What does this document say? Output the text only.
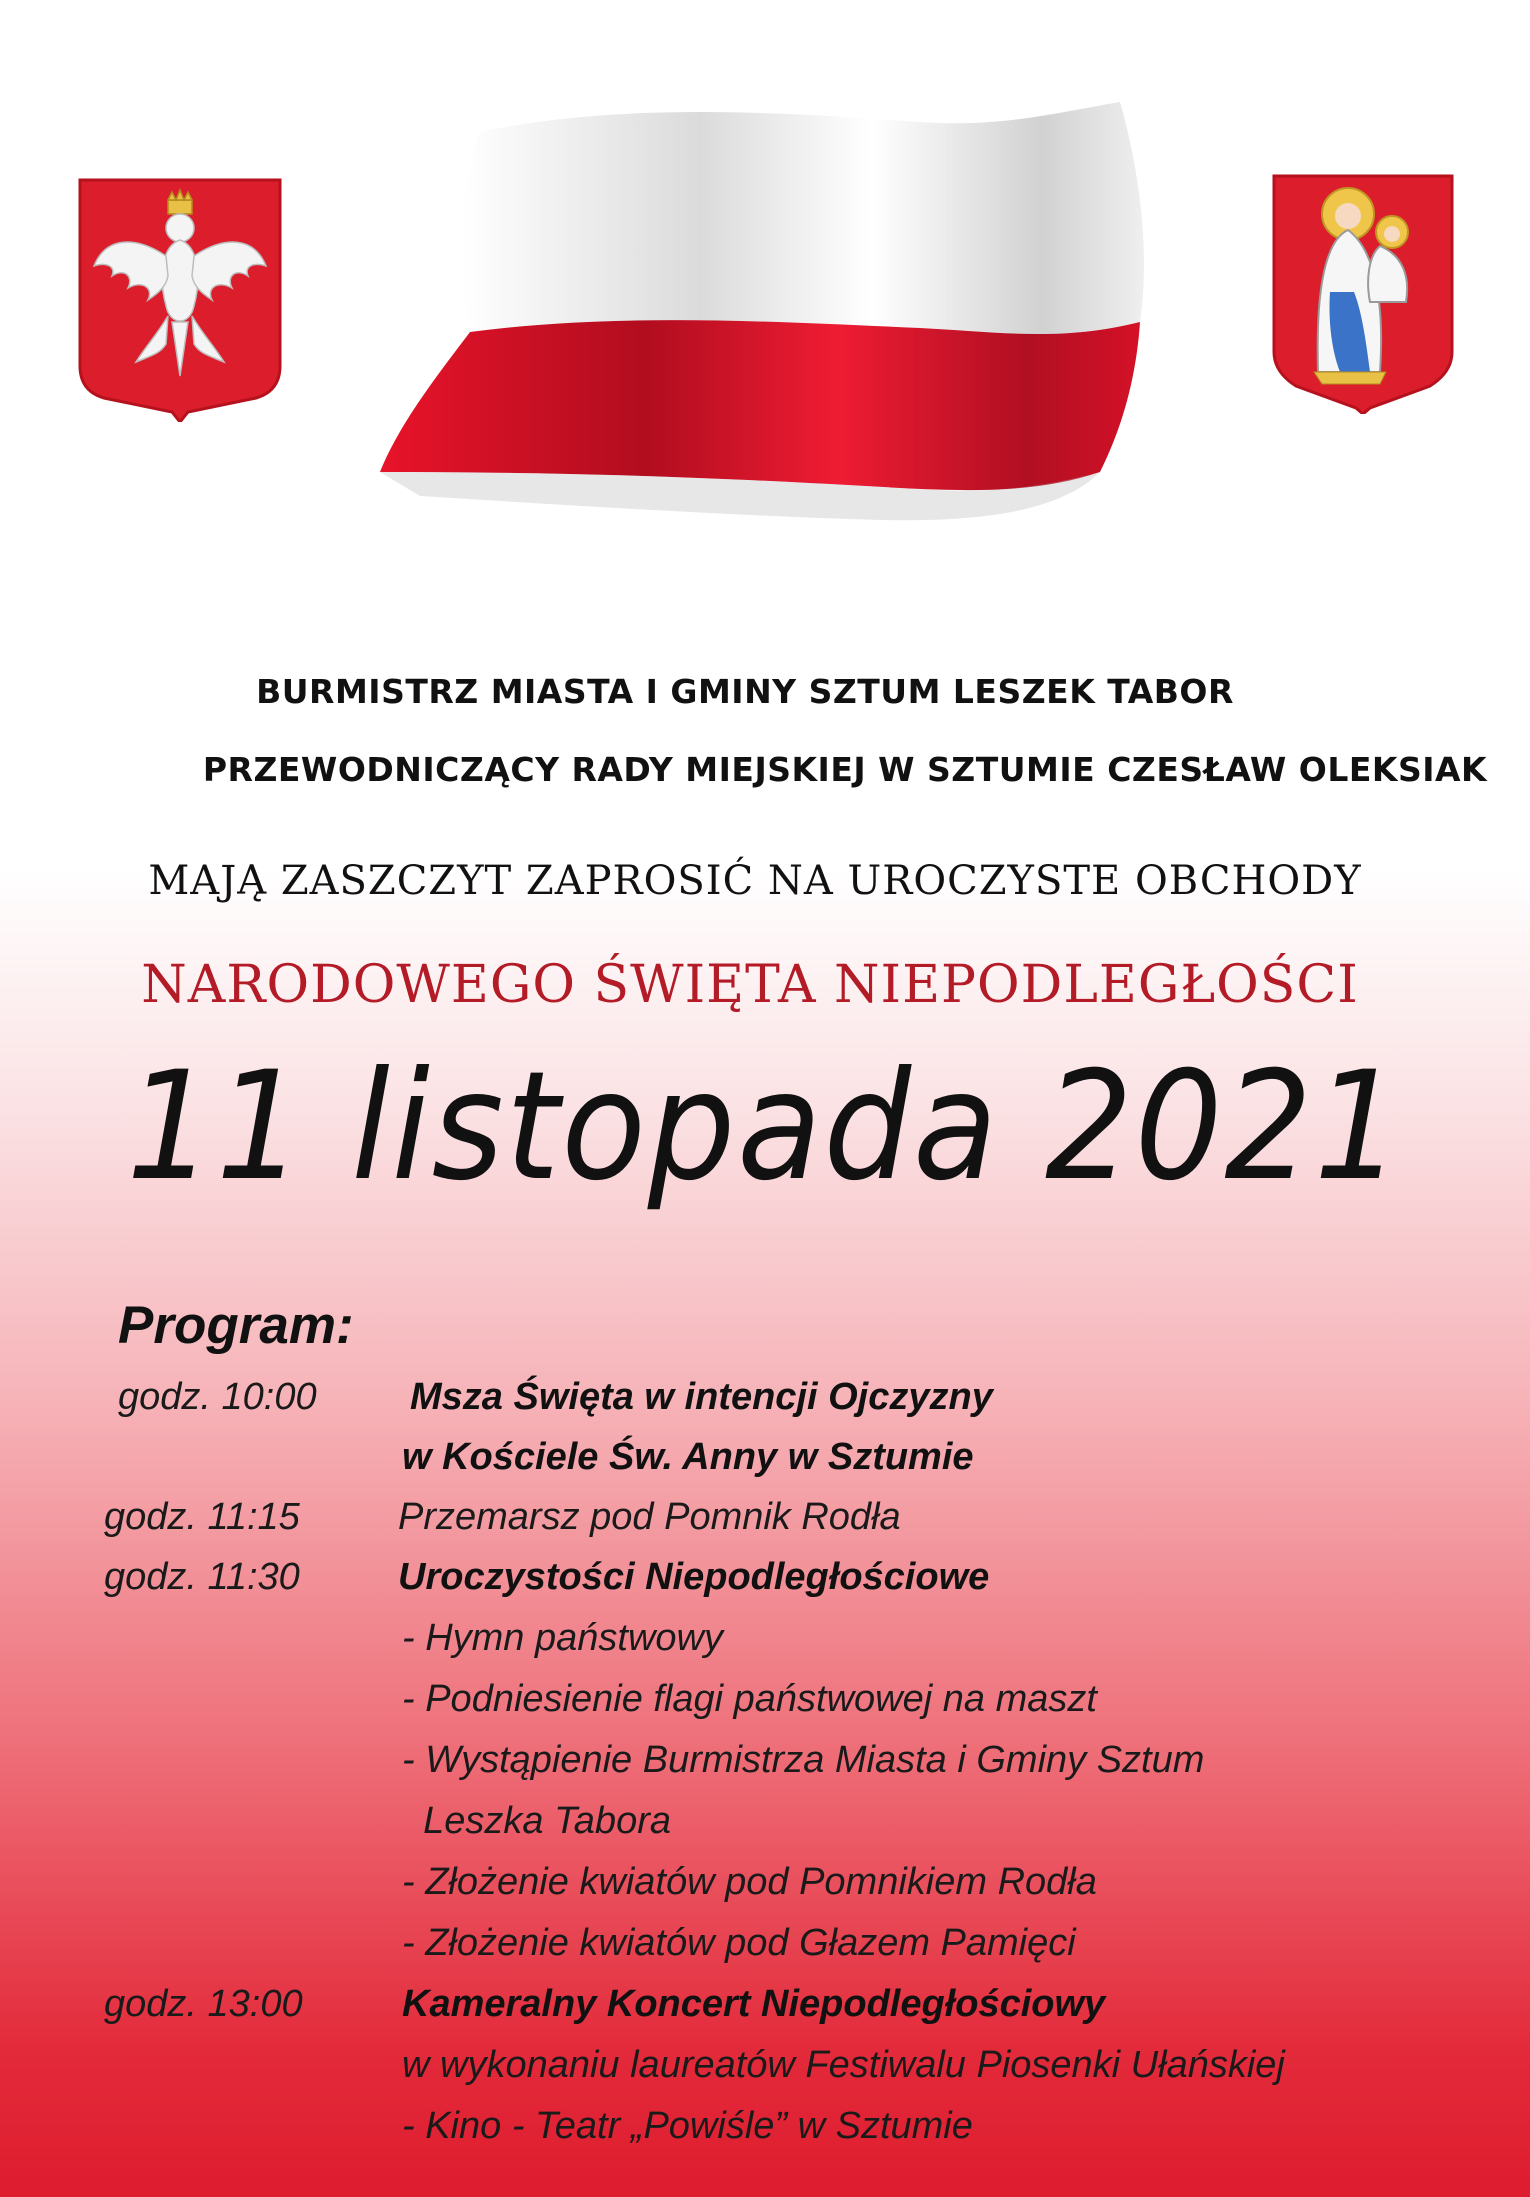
BURMISTRZ MIASTA I GMINY SZTUM LESZEK TABOR
PRZEWODNICZĄCY RADY MIEJSKIEJ W SZTUMIE CZESŁAW OLEKSIAK
MAJĄ ZASZCZYT ZAPROSIĆ NA UROCZYSTE OBCHODY
NARODOWEGO ŚWIĘTA NIEPODLEGŁOŚCI
11 listopada 2021
Program:
godz. 10:00 Msza Święta w intencji Ojczyzny
w Kościele Św. Anny w Sztumie
godz. 11:15	Przemarsz pod Pomnik Rodła
godz. 11:30	Uroczystości Niepodległościowe
- Hymn państwowy
- Podniesienie flagi państwowej na maszt
- Wystąpienie Burmistrza Miasta i Gminy Sztum
Leszka Tabora
- Złożenie kwiatów pod Pomnikiem Rodła
- Złożenie kwiatów pod Głazem Pamięci
godz. 13:00	Kameralny Koncert Niepodległościowy
w wykonaniu laureatów Festiwalu Piosenki Ułańskiej
- Kino - Teatr „Powiśle” w Sztumie
